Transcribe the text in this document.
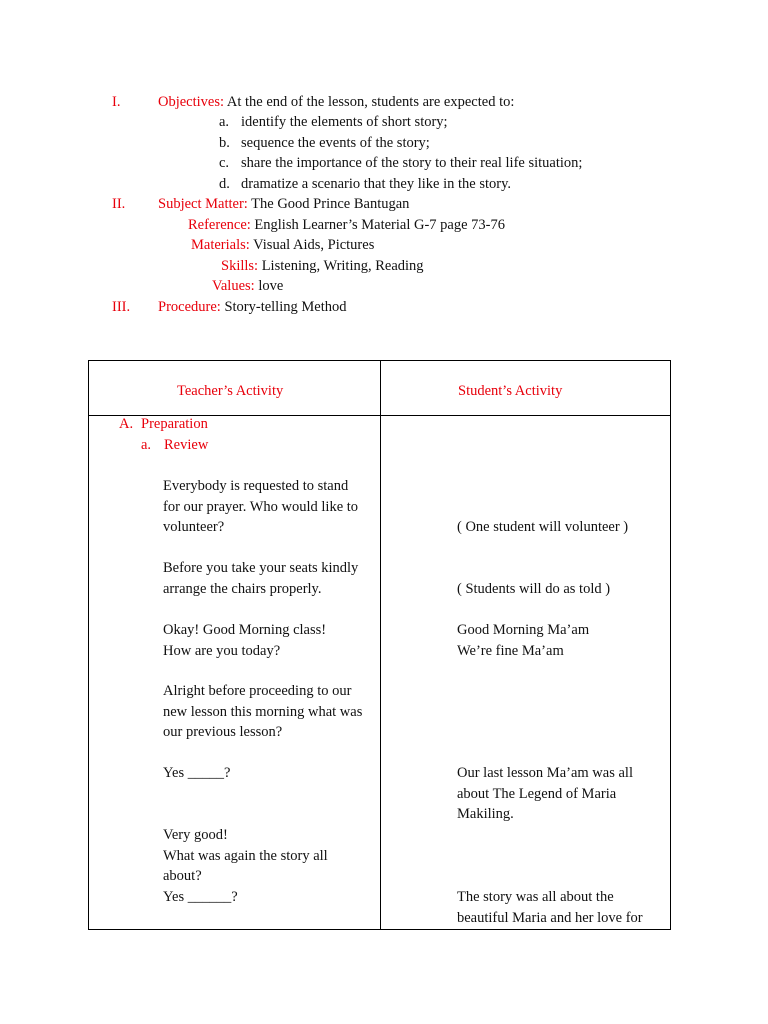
I.	Objectives: At the end of the lesson, students are expected to:
a. identify the elements of short story;
b. sequence the events of the story;
c. share the importance of the story to their real life situation;
d. dramatize a scenario that they like in the story.
II. Subject Matter: The Good Prince Bantugan
Reference: English Learner’s Material G-7 page 73-76
Materials: Visual Aids, Pictures
Skills: Listening, Writing, Reading
Values: love
III. Procedure: Story-telling Method
Teacher’s Activity	Student’s Activity
A. Preparation
a. Review
Everybody is requested to stand
for our prayer. Who would like to
volunteer?
Before you take your seats kindly
arrange the chairs properly.
Okay! Good Morning class!
How are you today?
Alright before proceeding to our
new lesson this morning what was
our previous lesson?
Yes _____?
Very good!
What was again the story all
about?
Yes ______?
( One student will volunteer )
( Students will do as told )
Good Morning Ma’am
We’re fine Ma’am
Our last lesson Ma’am was all
about The Legend of Maria
Makiling.
The story was all about the
beautiful Maria and her love for
